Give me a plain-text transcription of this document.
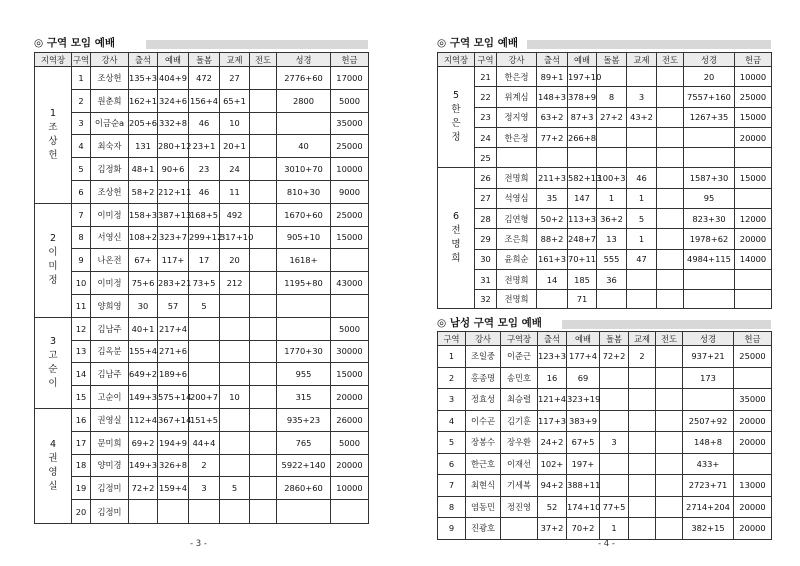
◎ 구역 모임 예배
지역장	구역	강사	출석	예배	돌봄	교제	전도	성경	헌금
1
조
상
헌	1	조상헌	135+3	404+9	472	27		2776+60	17000
	2	원춘희	162+1	324+6	156+4	65+1		2800	5000
	3	이금순a	205+6	332+8	46	10			35000
	4	최숙자	131	280+12	23+1	20+1		40	25000
	5	김정화	48+1	90+6	23	24		3010+70	10000
	6	조상헌	58+2	212+11	46	11		810+30	9000
2
이
미
정	7	이미정	158+3	387+13	168+5	492		1670+60	25000
	8	서영신	108+2	323+7	299+12	317+10		905+10	15000
	9	나온전	67+	117+	17	20		1618+	
	10	이미정	75+6	283+21	73+5	212		1195+80	43000
	11	양희영	30	57	5				
3
고
순
이	12	김남주	40+1	217+4					5000
	13	김옥분	155+4	271+6				1770+30	30000
	14	김남주	649+2	189+6				955	15000
	15	고순이	149+3	575+14	200+7	10		315	20000
4
권
영
실	16	권영실	112+4	367+14	151+5			935+23	26000
	17	문미희	69+2	194+9	44+4			765	5000
	18	양미경	149+3	326+8	2			5922+140	20000
	19	김정미	72+2	159+4	3	5		2860+60	10000
	20	김정미							
- 3 -
◎ 구역 모임 예배
지역장	구역	강사	출석	예배	돌봄	교제	전도	성경	헌금
5
한
은
정	21	한은정	89+1	197+10				20	10000
	22	위계심	148+3	378+9	8	3		7557+160	25000
	23	정지영	63+2	87+3	27+2	43+2		1267+35	15000
	24	한은정	77+2	266+8					20000
	25								
6
전
명
희	26	전명희	211+3	582+13	100+3	46		1587+30	15000
	27	석영심	35	147	1	1		95	
	28	김연형	50+2	113+3	36+2	5		823+30	12000
	29	조은희	88+2	248+7	13	1		1978+62	20000
	30	윤희순	161+3	70+11	555	47		4984+115	14000
	31	전명희	14	185	36				
	32	전명희		71					
◎ 남성 구역 모임 예배
구역	강사	구역장	출석	예배	돌봄	교제	전도	성경	헌금
1	조일중	이준근	123+3	177+4	72+2	2		937+21	25000
2	홍종명	송민호	16	69				173	
3	정효성	최승렬	121+4	323+19					35000
4	이수곤	김기훈	117+3	383+9				2507+92	20000
5	장봉수	장우환	24+2	67+5	3			148+8	20000
6	한근호	이재선	102+	197+				433+	
7	최현식	기세복	94+2	388+11				2723+71	13000
8	염동민	정진영	52	174+10	77+5			2714+204	20000
9	진광호		37+2	70+2	1			382+15	20000
- 4 -
